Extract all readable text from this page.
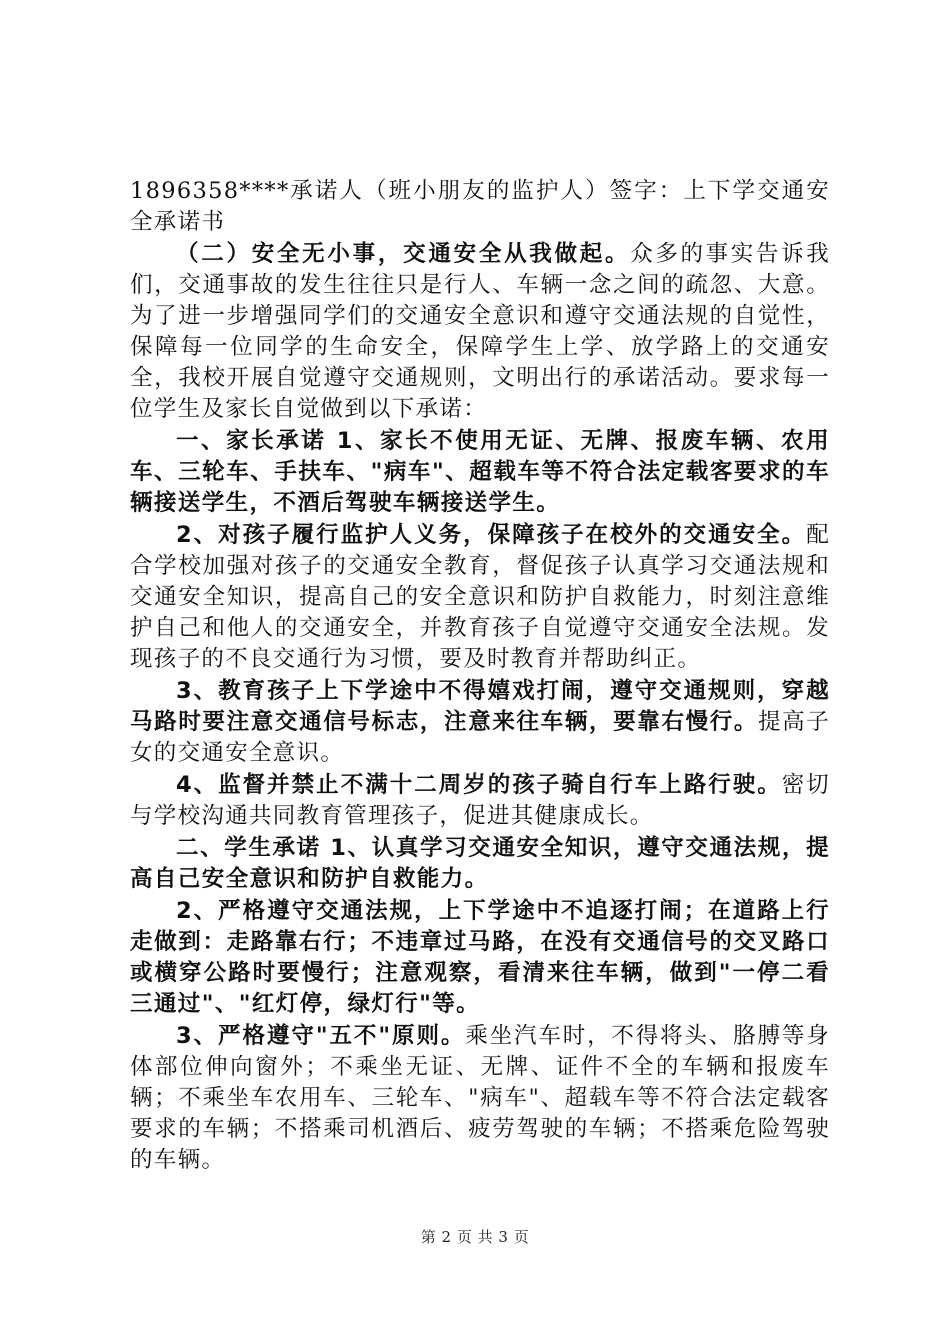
1896358****承诺人（班小朋友的监护人）签字：上下学交通安全承诺书

（二）安全无小事，交通安全从我做起。众多的事实告诉我们，交通事故的发生往往只是行人、车辆一念之间的疏忽、大意。为了进一步增强同学们的交通安全意识和遵守交通法规的自觉性，保障每一位同学的生命安全，保障学生上学、放学路上的交通安全，我校开展自觉遵守交通规则，文明出行的承诺活动。要求每一位学生及家长自觉做到以下承诺：

一、家长承诺 1、家长不使用无证、无牌、报废车辆、农用车、三轮车、手扶车、"病车"、超载车等不符合法定载客要求的车辆接送学生，不酒后驾驶车辆接送学生。

2、对孩子履行监护人义务，保障孩子在校外的交通安全。配合学校加强对孩子的交通安全教育，督促孩子认真学习交通法规和交通安全知识，提高自己的安全意识和防护自救能力，时刻注意维护自己和他人的交通安全，并教育孩子自觉遵守交通安全法规。发现孩子的不良交通行为习惯，要及时教育并帮助纠正。

3、教育孩子上下学途中不得嬉戏打闹，遵守交通规则，穿越马路时要注意交通信号标志，注意来往车辆，要靠右慢行。提高子女的交通安全意识。

4、监督并禁止不满十二周岁的孩子骑自行车上路行驶。密切与学校沟通共同教育管理孩子，促进其健康成长。

二、学生承诺 1、认真学习交通安全知识，遵守交通法规，提高自己安全意识和防护自救能力。

2、严格遵守交通法规，上下学途中不追逐打闹；在道路上行走做到：走路靠右行；不违章过马路，在没有交通信号的交叉路口或横穿公路时要慢行；注意观察，看清来往车辆，做到"一停二看三通过"、"红灯停，绿灯行"等。

3、严格遵守"五不"原则。乘坐汽车时，不得将头、胳膊等身体部位伸向窗外；不乘坐无证、无牌、证件不全的车辆和报废车辆；不乘坐车农用车、三轮车、"病车"、超载车等不符合法定载客要求的车辆；不搭乘司机酒后、疲劳驾驶的车辆；不搭乘危险驾驶的车辆。

第 2 页 共 3 页
